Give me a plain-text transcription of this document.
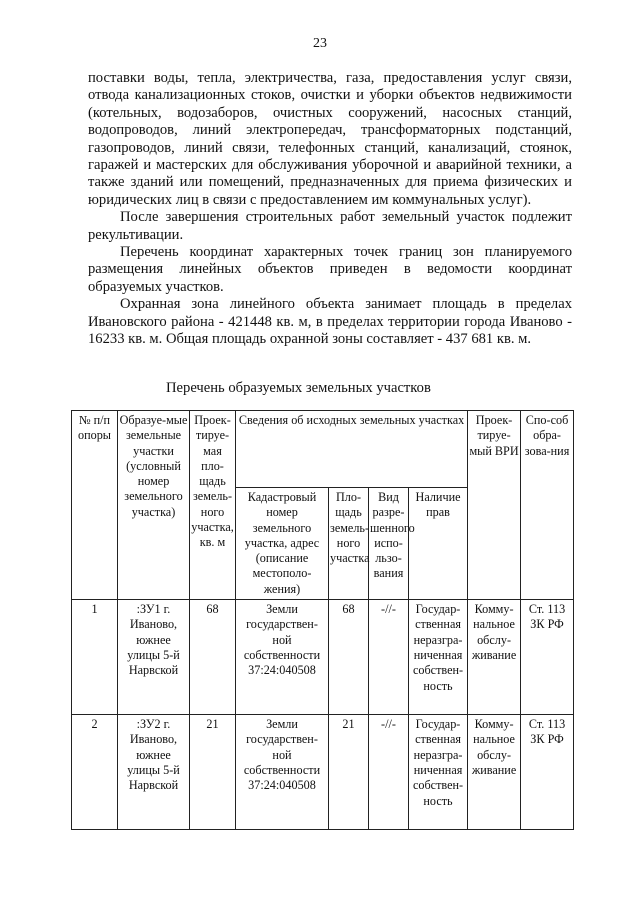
23

поставки воды, тепла, электричества, газа, предоставления услуг связи, отвода канализационных стоков, очистки и уборки объектов недвижимости (котельных, водозаборов, очистных сооружений, насосных станций, водопроводов, линий электропередач, трансформаторных подстанций, газопроводов, линий связи, телефонных станций, канализаций, стоянок, гаражей и мастерских для обслуживания уборочной и аварийной техники, а также зданий или помещений, предназначенных для приема физических и юридических лиц в связи с предоставлением им коммунальных услуг).

После завершения строительных работ земельный участок подлежит рекультивации.

Перечень координат характерных точек границ зон планируемого размещения линейных объектов приведен в ведомости координат образуемых участков.

Охранная зона линейного объекта занимает площадь в пределах Ивановского района - 421448 кв. м, в пределах территории города Иваново - 16233 кв. м. Общая площадь охранной зоны составляет - 437 681 кв. м.

Перечень образуемых земельных участков
№ п/п опоры	Образуе-мые земельные участки (условный номер земельного участка)	Проек-тируе-мая пло-щадь земель-ного участка, кв. м	Сведения об исходных земельных участках				Проек-тируе-мый ВРИ	Спо-соб обра-зова-ния
			Кадастровый номер земельного участка, адрес (описание местополо-жения)	Пло-щадь земель-ного участка	Вид разре-шенного испо-льзо-вания	Наличие прав		
1	:ЗУ1 г. Иваново, южнее улицы 5-й Нарвской	68	Земли государствен-ной собственности 37:24:040508	68	-//-	Государ-ственная неразгра-ниченная собствен-ность	Комму-нальное обслу-живание	Ст. 113 ЗК РФ
2	:ЗУ2 г. Иваново, южнее улицы 5-й Нарвской	21	Земли государствен-ной собственности 37:24:040508	21	-//-	Государ-ственная неразгра-ниченная собствен-ность	Комму-нальное обслу-живание	Ст. 113 ЗК РФ
